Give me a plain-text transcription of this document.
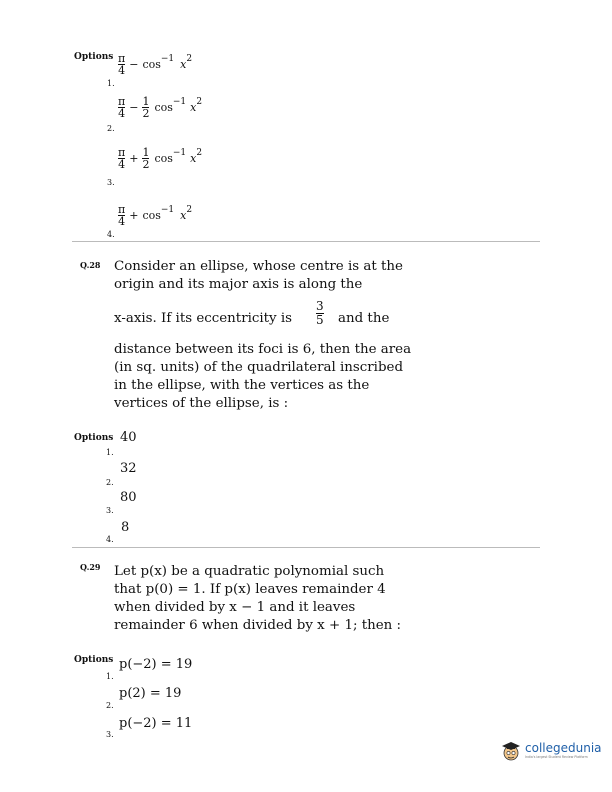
Options $\frac{\pi}{4} - \cos -1$ x 2
1.
$\frac{\pi}{4} - \frac{1}{2}$ cos −1 x 2
2.
$\frac{\pi}{4} + \frac{1}{2}$ cos −1 x 2
3.
$\frac{\pi}{4} + \cos -1$ x 2
4.
Q.28 Consider an ellipse, whose centre is at the
origin and its major axis is along the
x-axis. If its eccentricity is
3
5 and the
distance between its foci is 6, then the area
(in sq. units) of the quadrilateral inscribed
in the ellipse, with the vertices as the
vertices of the ellipse, is :
Options 40
1.
32
2.
80
3.
8
4.
Q.29 Let p(x) be a quadratic polynomial such
that p(0) = 1. If p(x) leaves remainder 4
when divided by x − 1 and it leaves
remainder 6 when divided by x + 1; then :
Options
1.
p(−2) = 19
2.
p(2) = 19
3.
p(−2) = 11
collegedunia
India's largest Student Review Platform
